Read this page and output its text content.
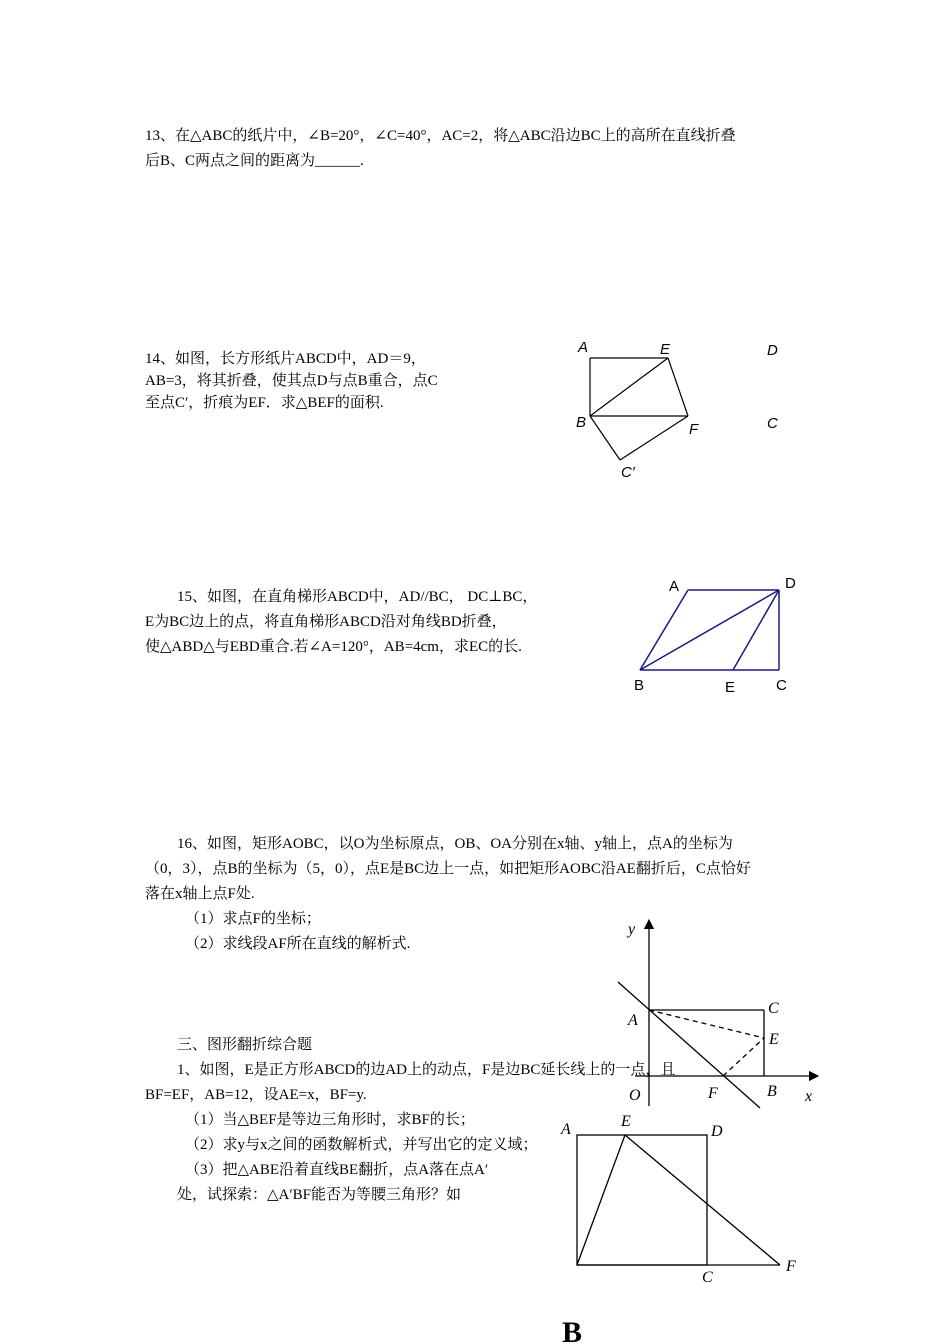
13、在△ABC的纸片中，∠B=20°，∠C=40°，AC=2，将△ABC沿边BC上的高所在直线折叠
后B、C两点之间的距离为______.
14、如图，长方形纸片ABCD中，AD＝9，
AB=3，将其折叠，使其点D与点B重合，点C
至点C′，折痕为EF．求△BEF的面积.
A	E	D
B	F	C
C′
15、如图，在直角梯形ABCD中，AD//BC， DC⊥BC，
E为BC边上的点，将直角梯形ABCD沿对角线BD折叠，
使△ABD△与EBD重合.若∠A=120°，AB=4cm，求EC的长.
A	D
B	E	C
16、如图，矩形AOBC，以O为坐标原点，OB、OA分别在x轴、y轴上，点A的坐标为
（0，3），点B的坐标为（5，0），点E是BC边上一点，如把矩形AOBC沿AE翻折后，C点恰好
落在x轴上点F处.
（1）求点F的坐标；
（2）求线段AF所在直线的解析式.
y
x
O
A
C
E
F	B
三、图形翻折综合题
1、如图，E是正方形ABCD的边AD上的动点，F是边BC延长线上的一点，且
BF=EF，AB=12，设AE=x，BF=y.
（1）当△BEF是等边三角形时，求BF的长；
（2）求y与x之间的函数解析式，并写出它的定义域；
（3）把△ABE沿着直线BE翻折，点A落在点A′
处，试探索：△A′BF能否为等腰三角形？如
A	E
D
C
F
B
